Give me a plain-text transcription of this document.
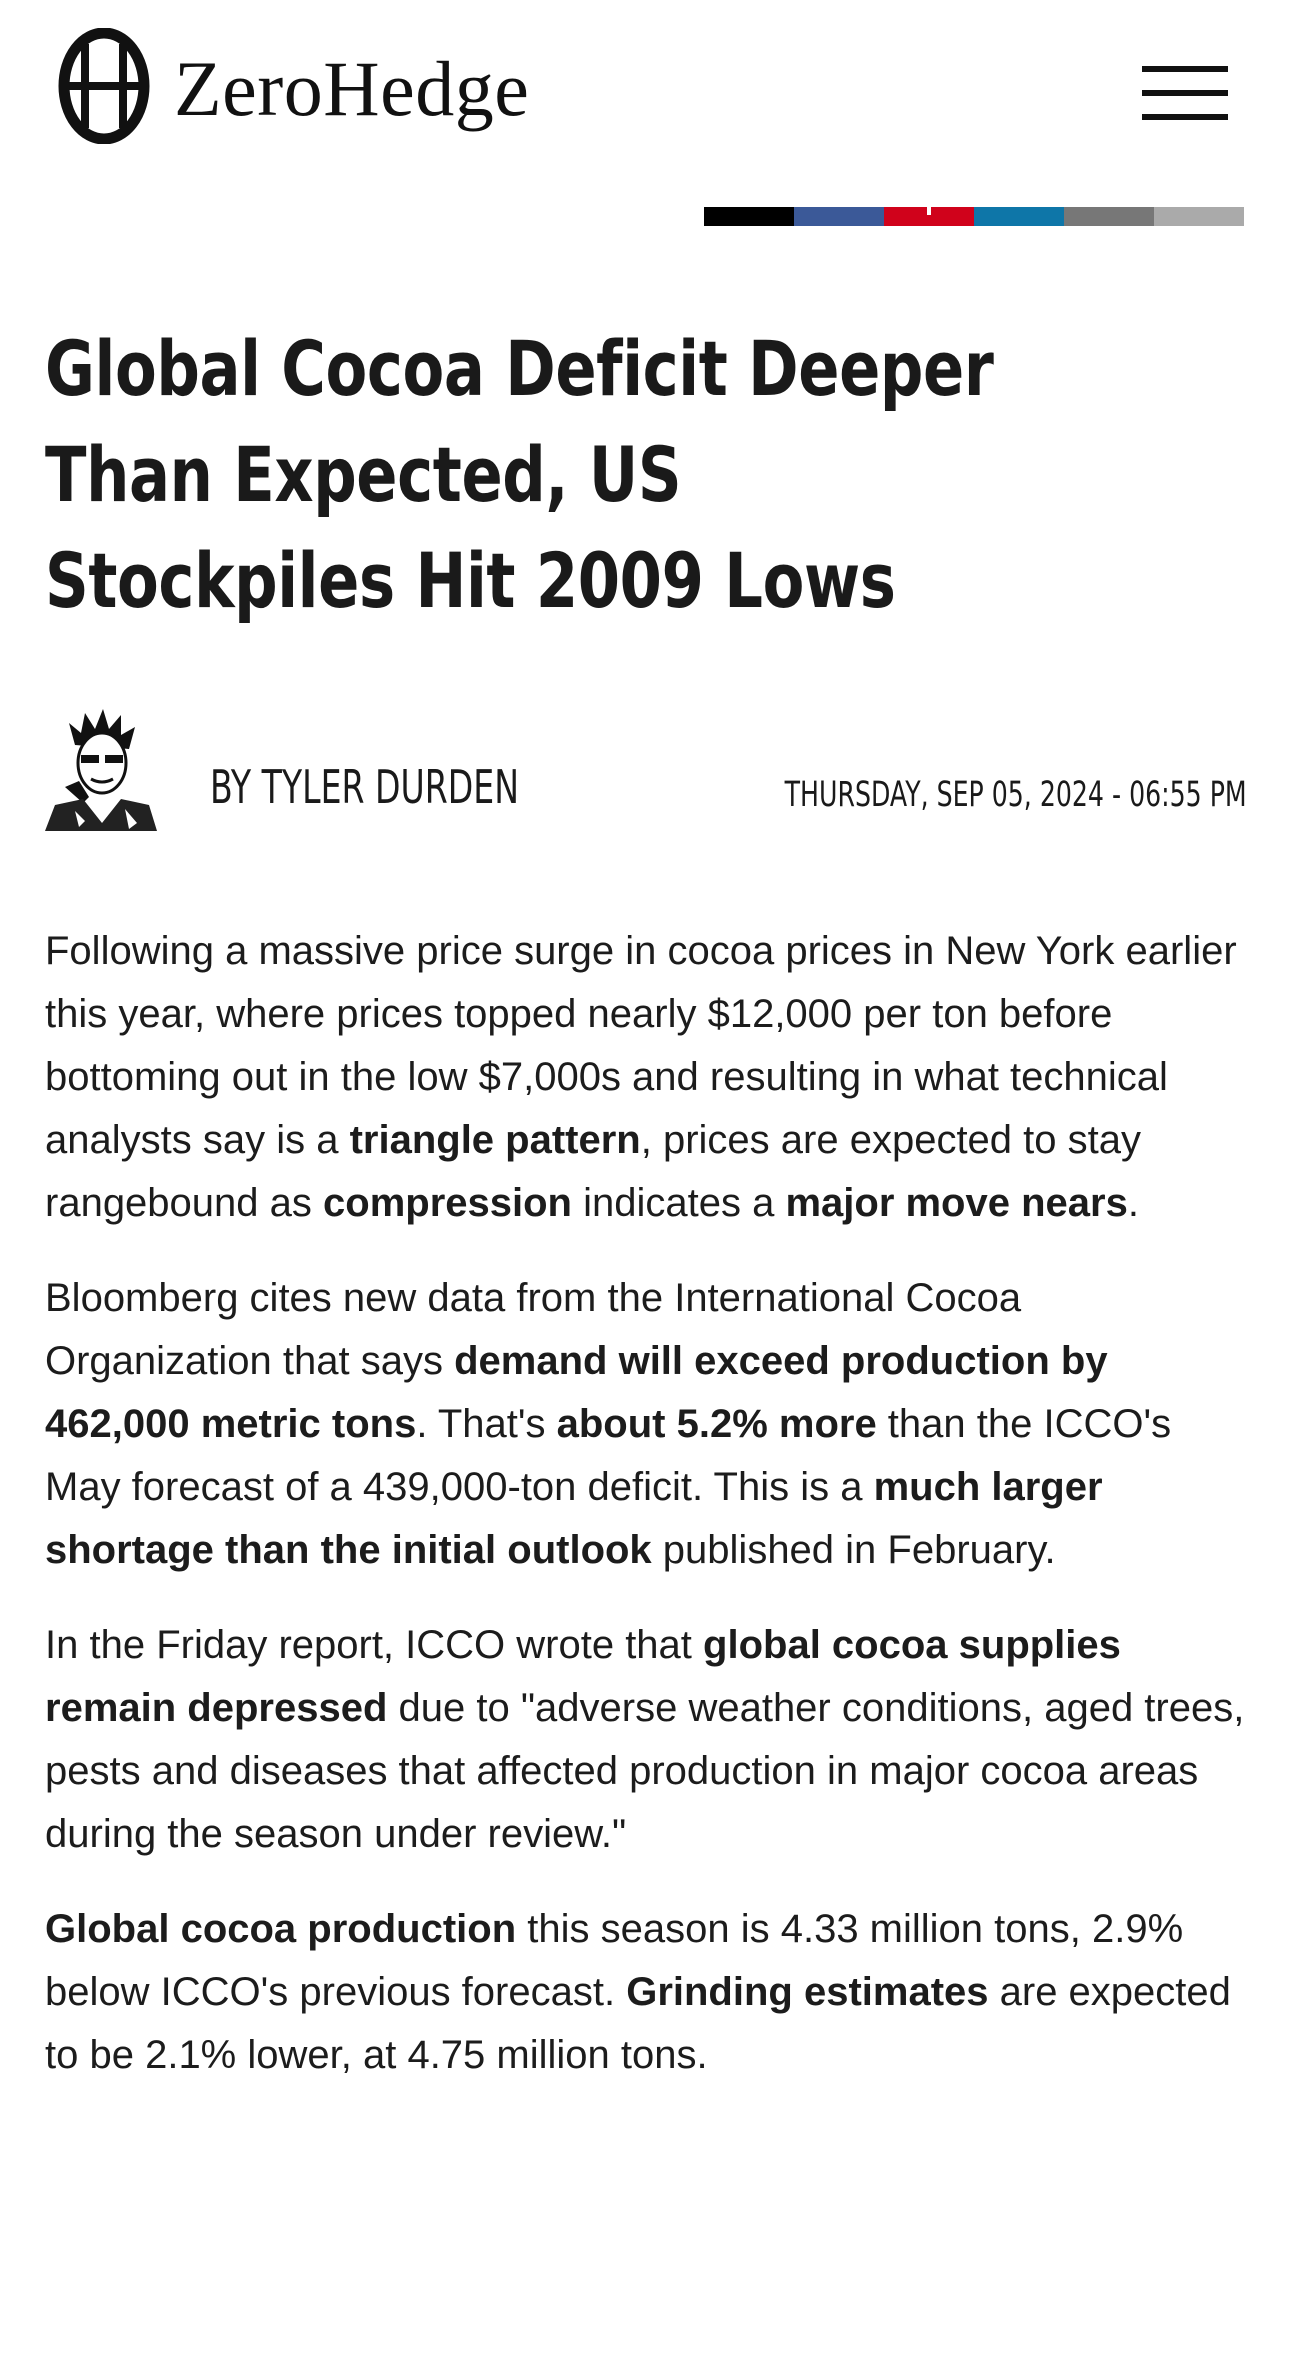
ZeroHedge
Global Cocoa Deficit Deeper Than Expected, US Stockpiles Hit 2009 Lows
BY TYLER DURDEN	THURSDAY, SEP 05, 2024 - 06:55 PM

Following a massive price surge in cocoa prices in New York earlier this year, where prices topped nearly $12,000 per ton before bottoming out in the low $7,000s and resulting in what technical analysts say is a triangle pattern, prices are expected to stay rangebound as compression indicates a major move nears.

Bloomberg cites new data from the International Cocoa Organization that says demand will exceed production by 462,000 metric tons. That's about 5.2% more than the ICCO's May forecast of a 439,000-ton deficit. This is a much larger shortage than the initial outlook published in February.

In the Friday report, ICCO wrote that global cocoa supplies remain depressed due to "adverse weather conditions, aged trees, pests and diseases that affected production in major cocoa areas during the season under review."

Global cocoa production this season is 4.33 million tons, 2.9% below ICCO's previous forecast. Grinding estimates are expected to be 2.1% lower, at 4.75 million tons.
